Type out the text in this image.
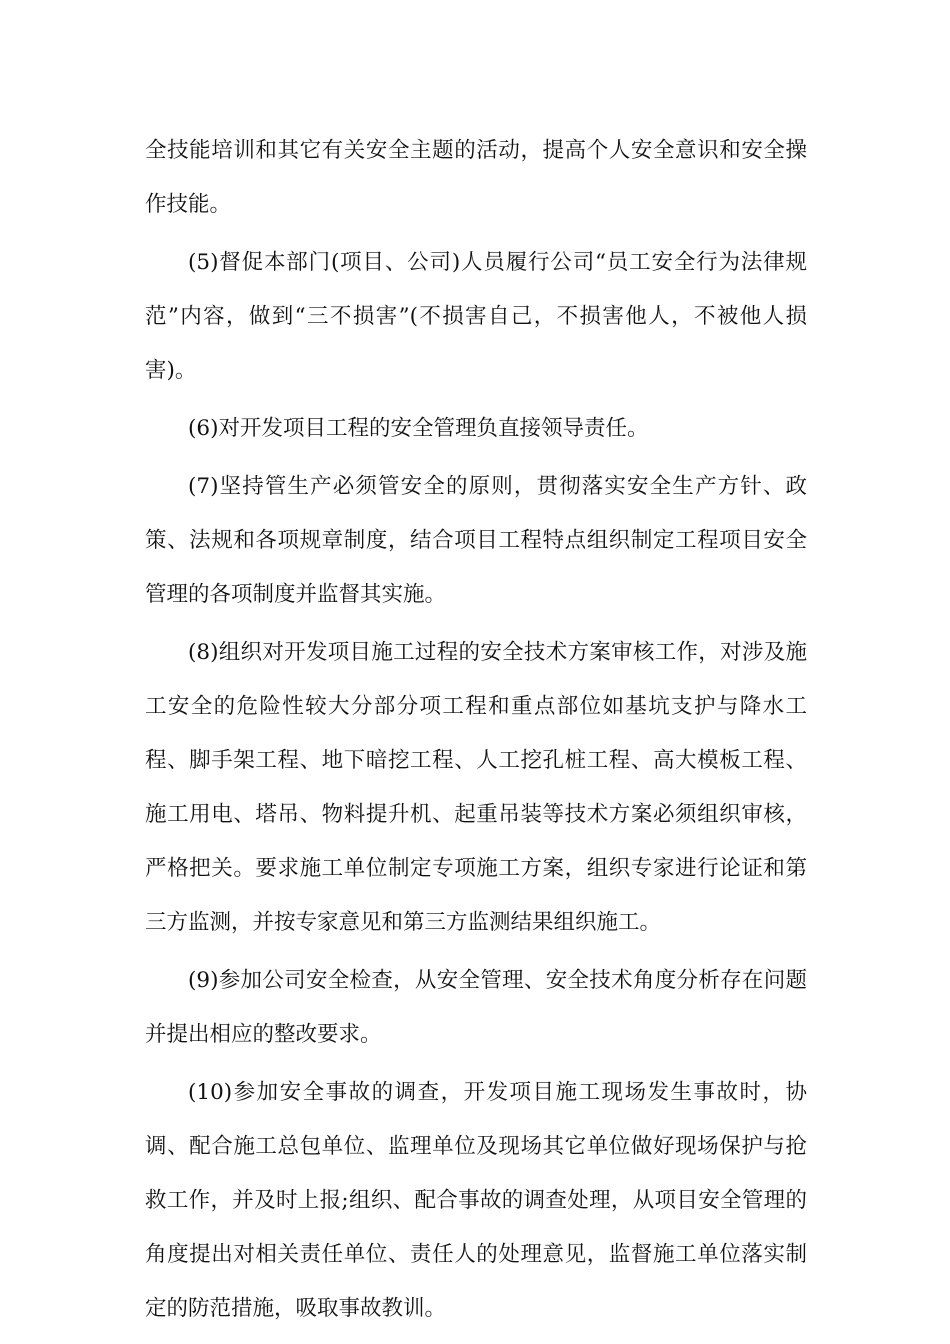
全技能培训和其它有关安全主题的活动，提高个人安全意识和安全操作技能。

(5)督促本部门(项目、公司)人员履行公司“员工安全行为法律规范”内容，做到“三不损害”(不损害自己，不损害他人，不被他人损害)。

(6)对开发项目工程的安全管理负直接领导责任。

(7)坚持管生产必须管安全的原则，贯彻落实安全生产方针、政策、法规和各项规章制度，结合项目工程特点组织制定工程项目安全管理的各项制度并监督其实施。

(8)组织对开发项目施工过程的安全技术方案审核工作，对涉及施工安全的危险性较大分部分项工程和重点部位如基坑支护与降水工程、脚手架工程、地下暗挖工程、人工挖孔桩工程、高大模板工程、施工用电、塔吊、物料提升机、起重吊装等技术方案必须组织审核，严格把关。要求施工单位制定专项施工方案，组织专家进行论证和第三方监测，并按专家意见和第三方监测结果组织施工。

(9)参加公司安全检查，从安全管理、安全技术角度分析存在问题并提出相应的整改要求。

(10)参加安全事故的调查，开发项目施工现场发生事故时，协调、配合施工总包单位、监理单位及现场其它单位做好现场保护与抢救工作，并及时上报;组织、配合事故的调查处理，从项目安全管理的角度提出对相关责任单位、责任人的处理意见，监督施工单位落实制定的防范措施，吸取事故教训。
